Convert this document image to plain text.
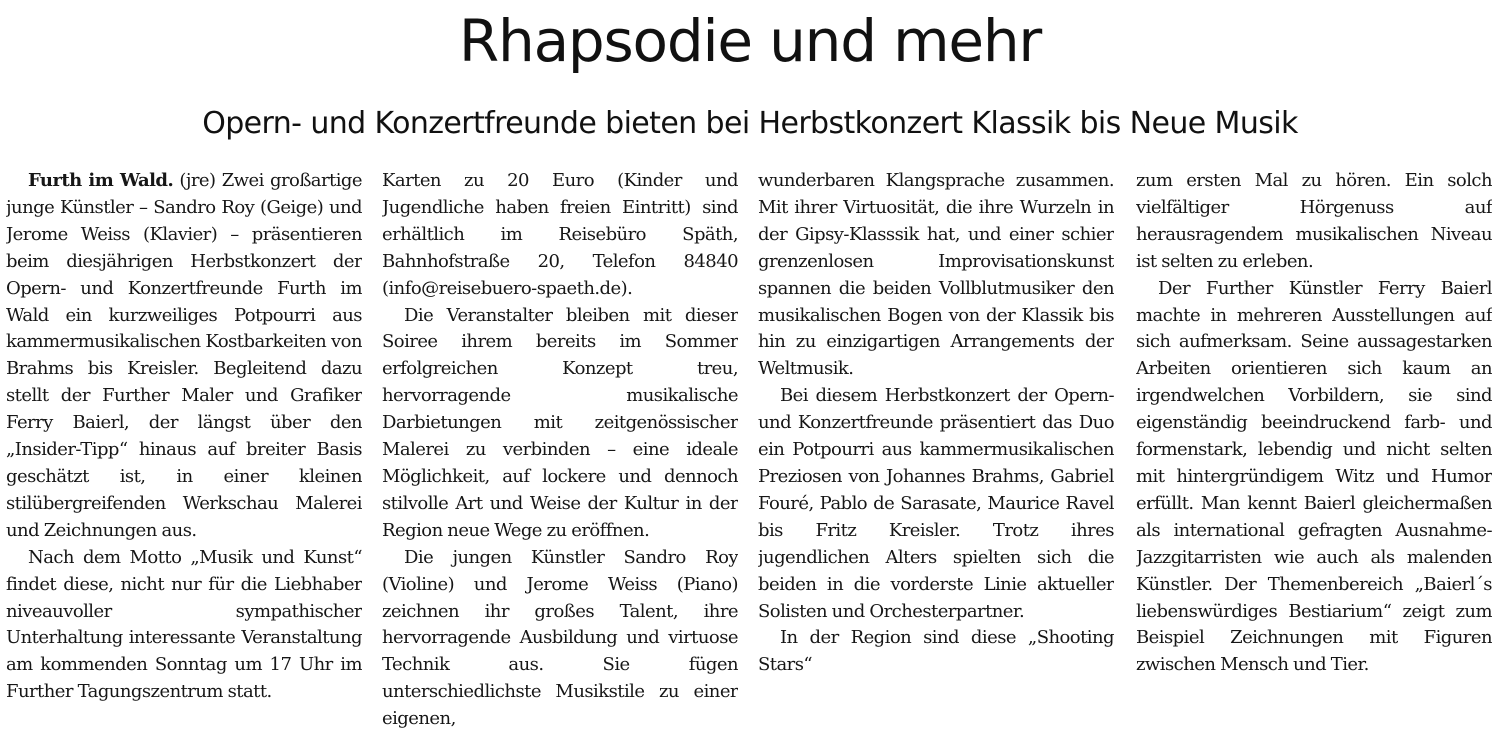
Rhapsodie und mehr
Opern- und Konzertfreunde bieten bei Herbstkonzert Klassik bis Neue Musik

Furth im Wald. (jre) Zwei großartige junge Künstler – Sandro Roy (Geige) und Jerome Weiss (Klavier) – präsentieren beim diesjährigen Herbstkonzert der Opern- und Konzertfreunde Furth im Wald ein kurzweiliges Potpourri aus kammermusikalischen Kostbarkeiten von Brahms bis Kreisler. Begleitend dazu stellt der Further Maler und Grafiker Ferry Baierl, der längst über den „Insider-Tipp“ hinaus auf breiter Basis geschätzt ist, in einer kleinen stilübergreifenden Werkschau Malerei und Zeichnungen aus.

Nach dem Motto „Musik und Kunst“ findet diese, nicht nur für die Liebhaber niveauvoller sympathischer Unterhaltung interessante Veranstaltung am kommenden Sonntag um 17 Uhr im Further Tagungszentrum statt.

Karten zu 20 Euro (Kinder und Jugendliche haben freien Eintritt) sind erhältlich im Reisebüro Späth, Bahnhofstraße 20, Telefon 84840 (info@reisebuero-spaeth.de).

Die Veranstalter bleiben mit dieser Soiree ihrem bereits im Sommer erfolgreichen Konzept treu, hervorragende musikalische Darbietungen mit zeitgenössischer Malerei zu verbinden – eine ideale Möglichkeit, auf lockere und dennoch stilvolle Art und Weise der Kultur in der Region neue Wege zu eröffnen.

Die jungen Künstler Sandro Roy (Violine) und Jerome Weiss (Piano) zeichnen ihr großes Talent, ihre hervorragende Ausbildung und virtuose Technik aus. Sie fügen unterschiedlichste Musikstile zu einer eigenen,

wunderbaren Klangsprache zusammen. Mit ihrer Virtuosität, die ihre Wurzeln in der Gipsy-Klasssik hat, und einer schier grenzenlosen Improvisationskunst spannen die beiden Vollblutmusiker den musikalischen Bogen von der Klassik bis hin zu einzigartigen Arrangements der Weltmusik.

Bei diesem Herbstkonzert der Opern- und Konzertfreunde präsentiert das Duo ein Potpourri aus kammermusikalischen Preziosen von Johannes Brahms, Gabriel Fouré, Pablo de Sarasate, Maurice Ravel bis Fritz Kreisler. Trotz ihres jugendlichen Alters spielten sich die beiden in die vorderste Linie aktueller Solisten und Orchesterpartner.

In der Region sind diese „Shooting Stars“

zum ersten Mal zu hören. Ein solch vielfältiger Hörgenuss auf herausragendem musikalischen Niveau ist selten zu erleben.

Der Further Künstler Ferry Baierl machte in mehreren Ausstellungen auf sich aufmerksam. Seine aussagestarken Arbeiten orientieren sich kaum an irgendwelchen Vorbildern, sie sind eigenständig beeindruckend farb- und formenstark, lebendig und nicht selten mit hintergründigem Witz und Humor erfüllt. Man kennt Baierl gleichermaßen als international gefragten Ausnahme-Jazzgitarristen wie auch als malenden Künstler. Der Themenbereich „Baierl´s liebenswürdiges Bestiarium“ zeigt zum Beispiel Zeichnungen mit Figuren zwischen Mensch und Tier.
